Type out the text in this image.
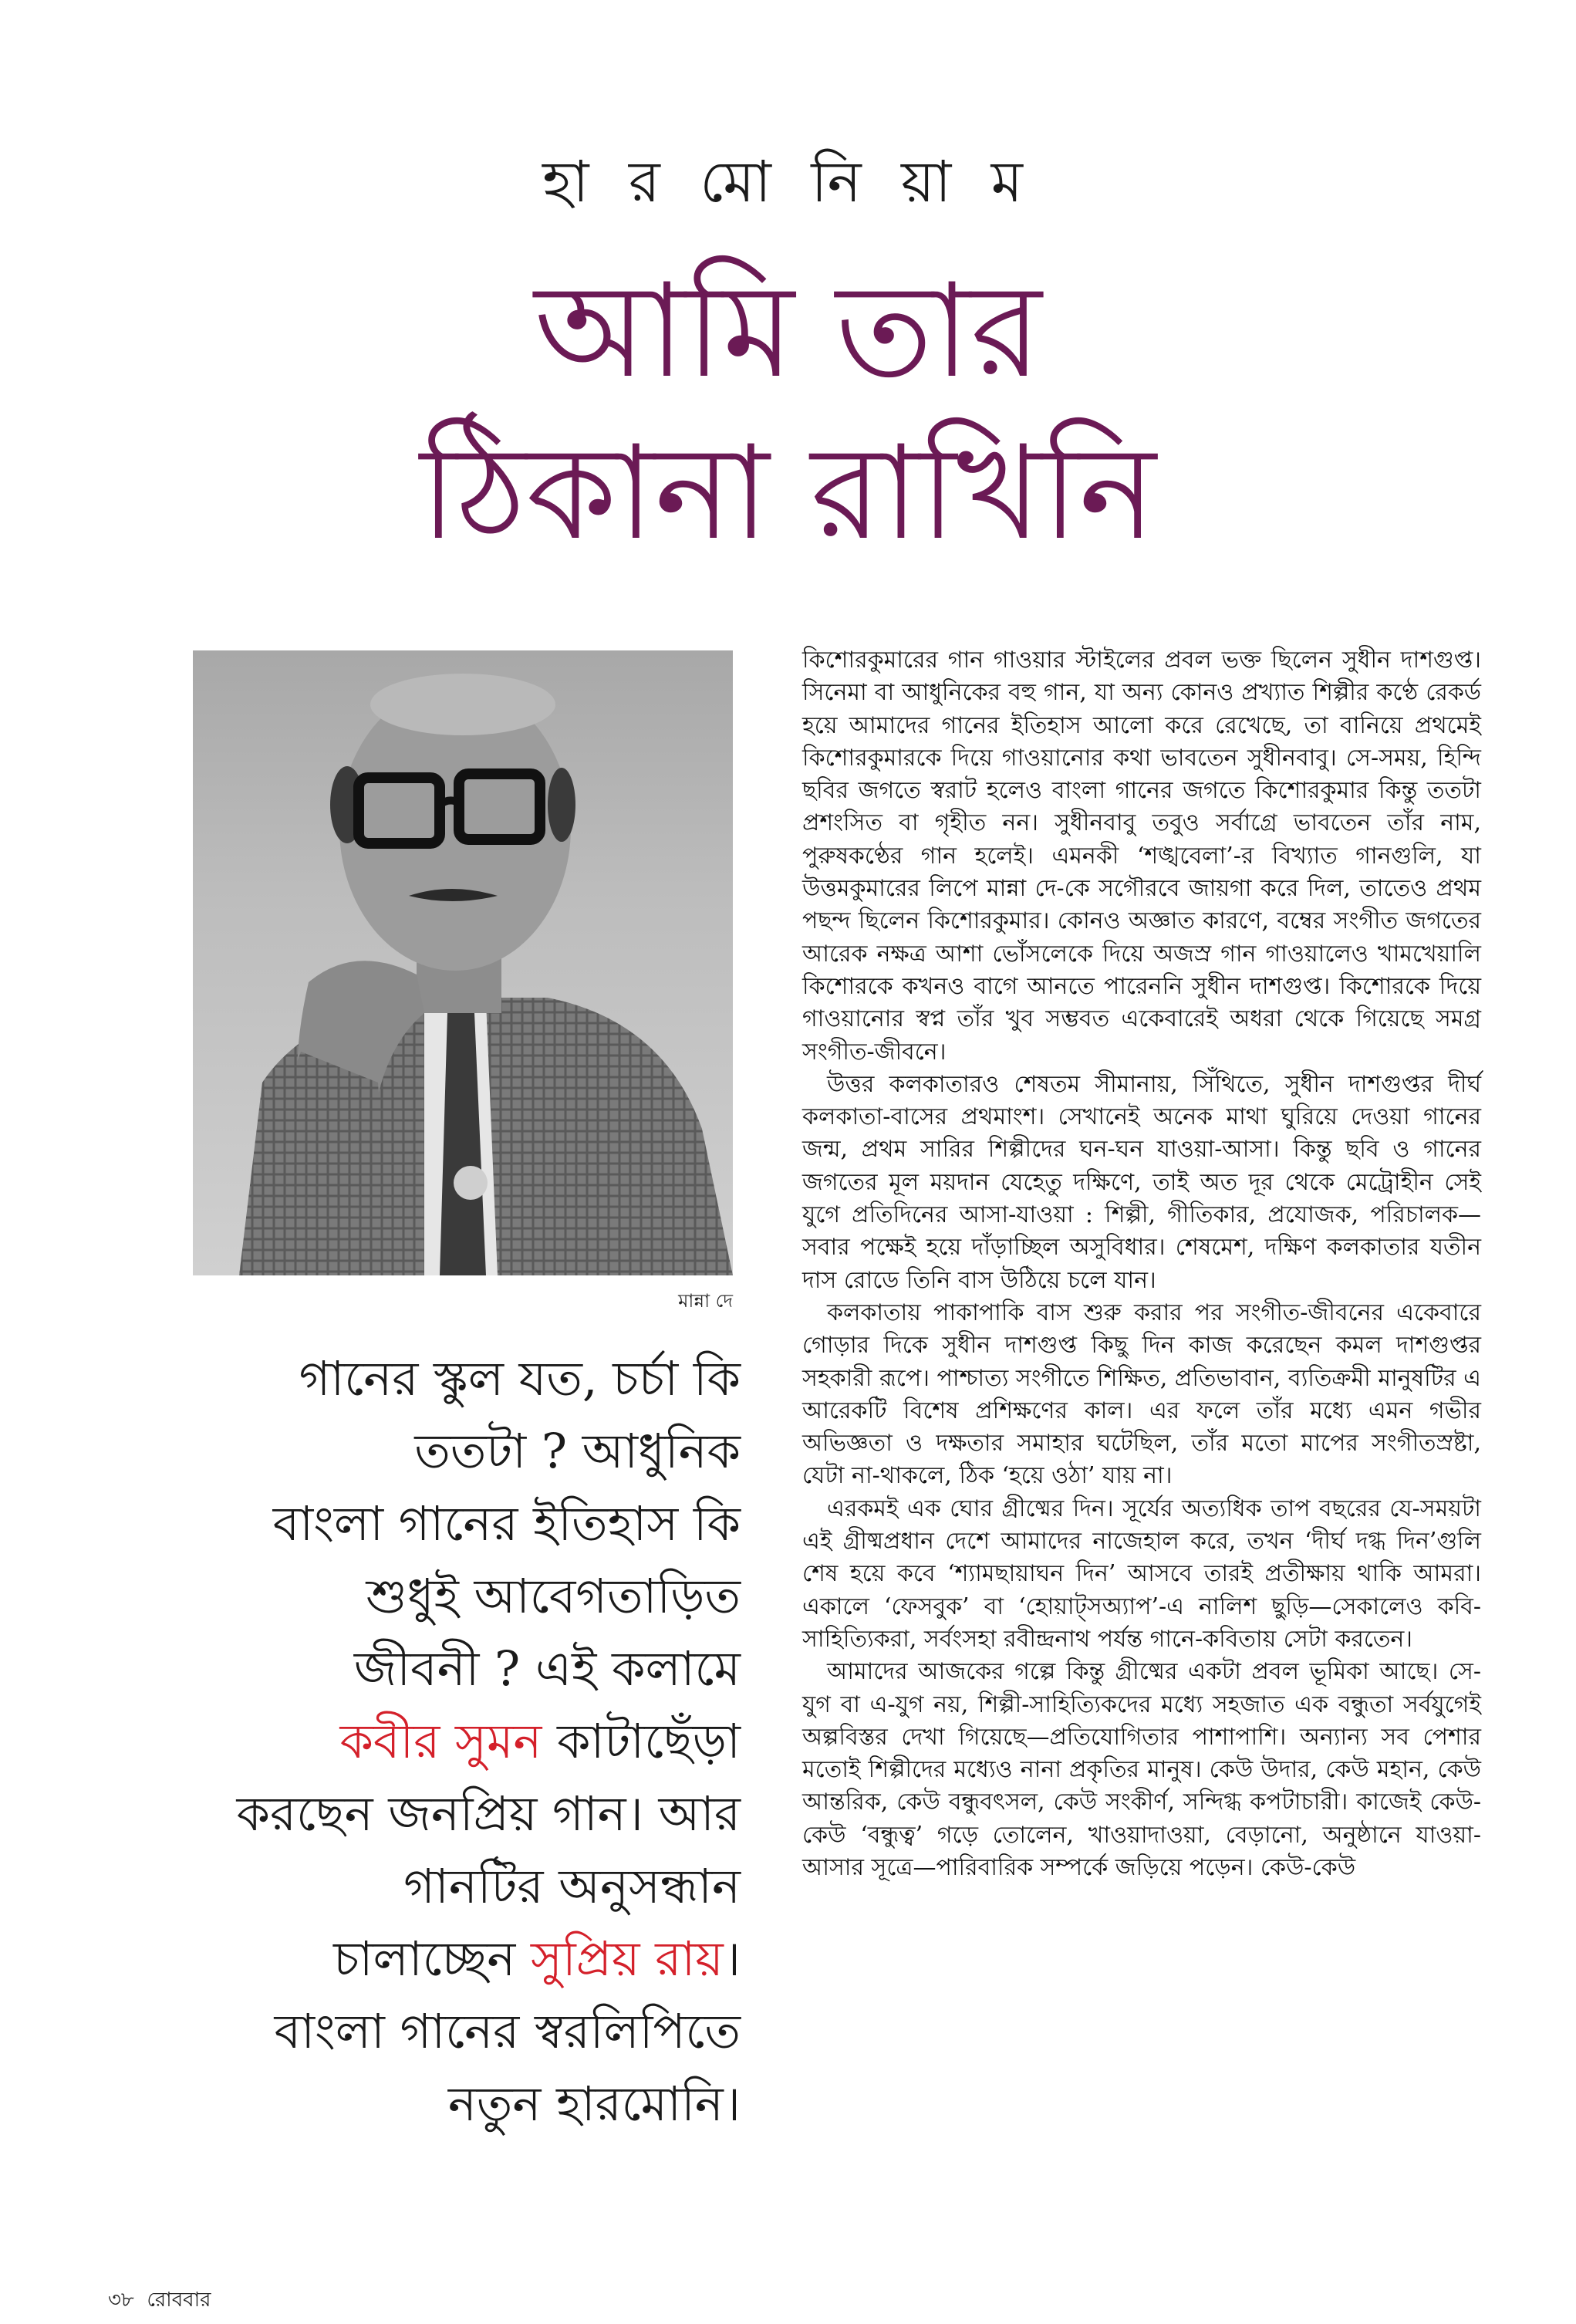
হা র মো নি য়া ম
আমি তার
ঠিকানা রাখিনি
মান্না দে
গানের স্কুল যত, চর্চা কি
ততটা ? আধুনিক
বাংলা গানের ইতিহাস কি
শুধুই আবেগতাড়িত
জীবনী ? এই কলামে
কবীর সুমন কাটাছেঁড়া
করছেন জনপ্রিয় গান। আর
গানটির অনুসন্ধান
চালাচ্ছেন সুপ্রিয় রায়।
বাংলা গানের স্বরলিপিতে
নতুন হারমোনি।

কিশোরকুমারের গান গাওয়ার স্টাইলের প্রবল ভক্ত ছিলেন সুধীন দাশগুপ্ত। সিনেমা বা আধুনিকের বহু গান, যা অন্য কোনও প্রখ্যাত শিল্পীর কণ্ঠে রেকর্ড হয়ে আমাদের গানের ইতিহাস আলো করে রেখেছে, তা বানিয়ে প্রথমেই কিশোরকুমারকে দিয়ে গাওয়ানোর কথা ভাবতেন সুধীনবাবু। সে-সময়, হিন্দি ছবির জগতে স্বরাট হলেও বাংলা গানের জগতে কিশোরকুমার কিন্তু ততটা প্রশংসিত বা গৃহীত নন। সুধীনবাবু তবুও সর্বাগ্রে ভাবতেন তাঁর নাম, পুরুষকণ্ঠের গান হলেই। এমনকী ‘শঙ্খবেলা’-র বিখ্যাত গানগুলি, যা উত্তমকুমারের লিপে মান্না দে-কে সগৌরবে জায়গা করে দিল, তাতেও প্রথম পছন্দ ছিলেন কিশোরকুমার। কোনও অজ্ঞাত কারণে, বম্বের সংগীত জগতের আরেক নক্ষত্র আশা ভোঁসলেকে দিয়ে অজস্র গান গাওয়ালেও খামখেয়ালি কিশোরকে কখনও বাগে আনতে পারেননি সুধীন দাশগুপ্ত। কিশোরকে দিয়ে গাওয়ানোর স্বপ্ন তাঁর খুব সম্ভবত একেবারেই অধরা থেকে গিয়েছে সমগ্র সংগীত-জীবনে।

উত্তর কলকাতারও শেষতম সীমানায়, সিঁথিতে, সুধীন দাশগুপ্তর দীর্ঘ কলকাতা-বাসের প্রথমাংশ। সেখানেই অনেক মাথা ঘুরিয়ে দেওয়া গানের জন্ম, প্রথম সারির শিল্পীদের ঘন-ঘন যাওয়া-আসা। কিন্তু ছবি ও গানের জগতের মূল ময়দান যেহেতু দক্ষিণে, তাই অত দূর থেকে মেট্রোহীন সেই যুগে প্রতিদিনের আসা-যাওয়া : শিল্পী, গীতিকার, প্রযোজক, পরিচালক—সবার পক্ষেই হয়ে দাঁড়াচ্ছিল অসুবিধার। শেষমেশ, দক্ষিণ কলকাতার যতীন দাস রোডে তিনি বাস উঠিয়ে চলে যান।

কলকাতায় পাকাপাকি বাস শুরু করার পর সংগীত-জীবনের একেবারে গোড়ার দিকে সুধীন দাশগুপ্ত কিছু দিন কাজ করেছেন কমল দাশগুপ্তর সহকারী রূপে। পাশ্চাত্য সংগীতে শিক্ষিত, প্রতিভাবান, ব্যতিক্রমী মানুষটির এ আরেকটি বিশেষ প্রশিক্ষণের কাল। এর ফলে তাঁর মধ্যে এমন গভীর অভিজ্ঞতা ও দক্ষতার সমাহার ঘটেছিল, তাঁর মতো মাপের সংগীতস্রষ্টা, যেটা না-থাকলে, ঠিক ‘হয়ে ওঠা’ যায় না।

এরকমই এক ঘোর গ্রীষ্মের দিন। সূর্যের অত্যধিক তাপ বছরের যে-সময়টা এই গ্রীষ্মপ্রধান দেশে আমাদের নাজেহাল করে, তখন ‘দীর্ঘ দগ্ধ দিন’গুলি শেষ হয়ে কবে ‘শ্যামছায়াঘন দিন’ আসবে তারই প্রতীক্ষায় থাকি আমরা। একালে ‘ফেসবুক’ বা ‘হোয়াট্‌সঅ্যাপ’-এ নালিশ ছুড়ি—সেকালেও কবি-সাহিত্যিকরা, সর্বংসহা রবীন্দ্রনাথ পর্যন্ত গানে-কবিতায় সেটা করতেন।

আমাদের আজকের গল্পে কিন্তু গ্রীষ্মের একটা প্রবল ভূমিকা আছে। সে-যুগ বা এ-যুগ নয়, শিল্পী-সাহিত্যিকদের মধ্যে সহজাত এক বন্ধুতা সর্বযুগেই অল্পবিস্তর দেখা গিয়েছে—প্রতিযোগিতার পাশাপাশি। অন্যান্য সব পেশার মতোই শিল্পীদের মধ্যেও নানা প্রকৃতির মানুষ। কেউ উদার, কেউ মহান, কেউ আন্তরিক, কেউ বন্ধুবৎসল, কেউ সংকীর্ণ, সন্দিগ্ধ কপটাচারী। কাজেই কেউ-কেউ ‘বন্ধুত্ব’ গড়ে তোলেন, খাওয়াদাওয়া, বেড়ানো, অনুষ্ঠানে যাওয়া-আসার সূত্রে—পারিবারিক সম্পর্কে জড়িয়ে পড়েন। কেউ-কেউ

৩৮ রোববার
